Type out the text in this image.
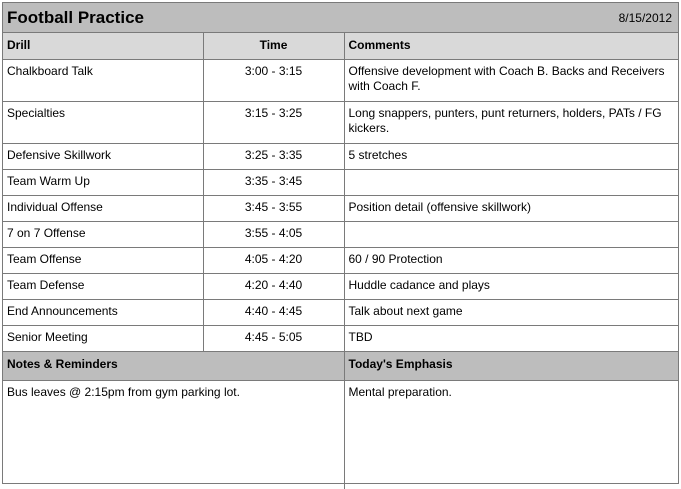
Football Practice	8/15/2012
Drill	Time	Comments
Chalkboard Talk	3:00 - 3:15	Offensive development with Coach B. Backs and Receivers with Coach F.
Specialties	3:15 - 3:25	Long snappers, punters, punt returners, holders, PATs / FG kickers.
Defensive Skillwork	3:25 - 3:35	5 stretches
Team Warm Up	3:35 - 3:45	
Individual Offense	3:45 - 3:55	Position detail (offensive skillwork)
7 on 7 Offense	3:55 - 4:05	
Team Offense	4:05 - 4:20	60 / 90 Protection
Team Defense	4:20 - 4:40	Huddle cadance and plays
End Announcements	4:40 - 4:45	Talk about next game
Senior Meeting	4:45 - 5:05	TBD
Notes & Reminders	Today's Emphasis
Bus leaves @ 2:15pm from gym parking lot.	Mental preparation.
